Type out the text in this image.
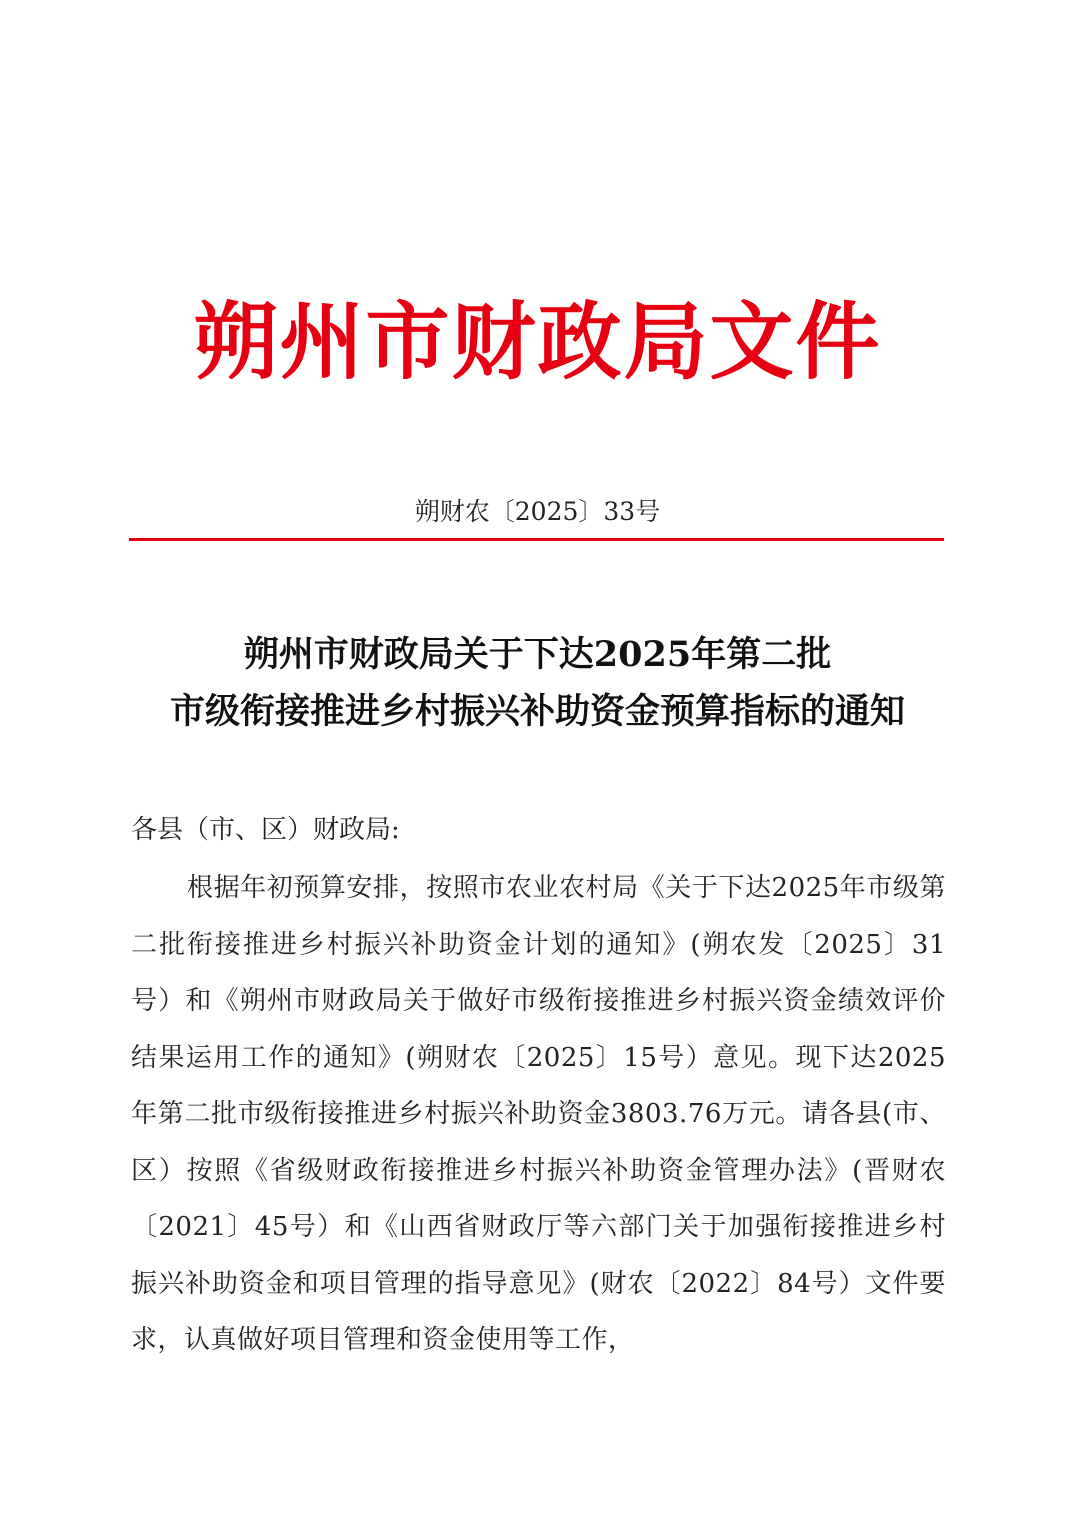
朔州市财政局文件
朔财农〔2025〕33号
朔州市财政局关于下达2025年第二批
市级衔接推进乡村振兴补助资金预算指标的通知
各县（市、区）财政局:
根据年初预算安排，按照市农业农村局《关于下达2025年市级第二批衔接推进乡村振兴补助资金计划的通知》(朔农发〔2025〕31号）和《朔州市财政局关于做好市级衔接推进乡村振兴资金绩效评价结果运用工作的通知》(朔财农〔2025〕15号）意见。现下达2025年第二批市级衔接推进乡村振兴补助资金3803.76万元。请各县(市、区）按照《省级财政衔接推进乡村振兴补助资金管理办法》(晋财农〔2021〕45号）和《山西省财政厅等六部门关于加强衔接推进乡村振兴补助资金和项目管理的指导意见》(财农〔2022〕84号）文件要求，认真做好项目管理和资金使用等工作，
